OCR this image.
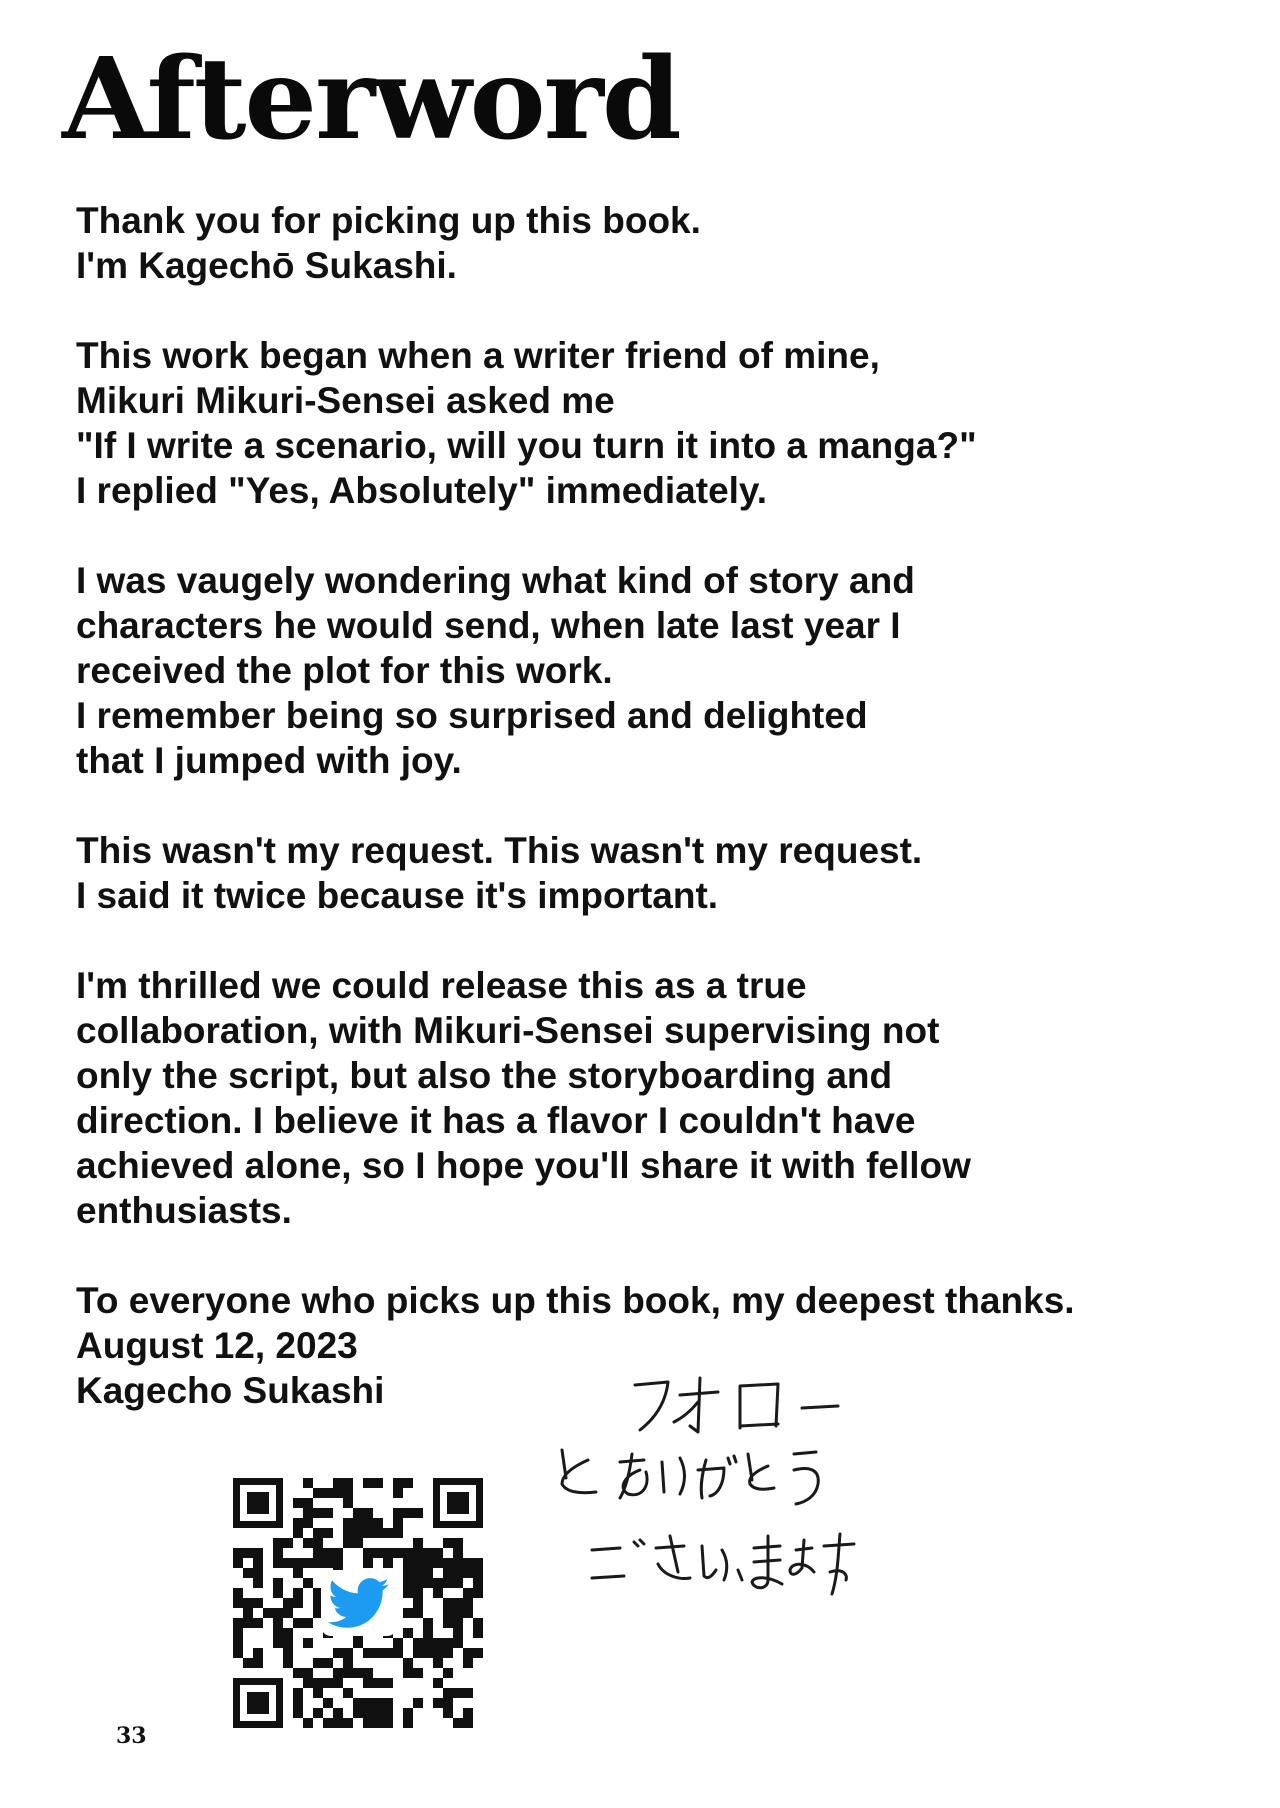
Afterword

Thank you for picking up this book.
I'm Kagechō Sukashi.

This work began when a writer friend of mine,
Mikuri Mikuri-Sensei asked me
"If I write a scenario, will you turn it into a manga?"
I replied "Yes, Absolutely" immediately.

I was vaugely wondering what kind of story and
characters he would send, when late last year I
received the plot for this work.
I remember being so surprised and delighted
that I jumped with joy.

This wasn't my request. This wasn't my request.
I said it twice because it's important.

I'm thrilled we could release this as a true
collaboration, with Mikuri-Sensei supervising not
only the script, but also the storyboarding and
direction. I believe it has a flavor I couldn't have
achieved alone, so I hope you'll share it with fellow
enthusiasts.

To everyone who picks up this book, my deepest thanks.
August 12, 2023
Kagecho Sukashi

33
